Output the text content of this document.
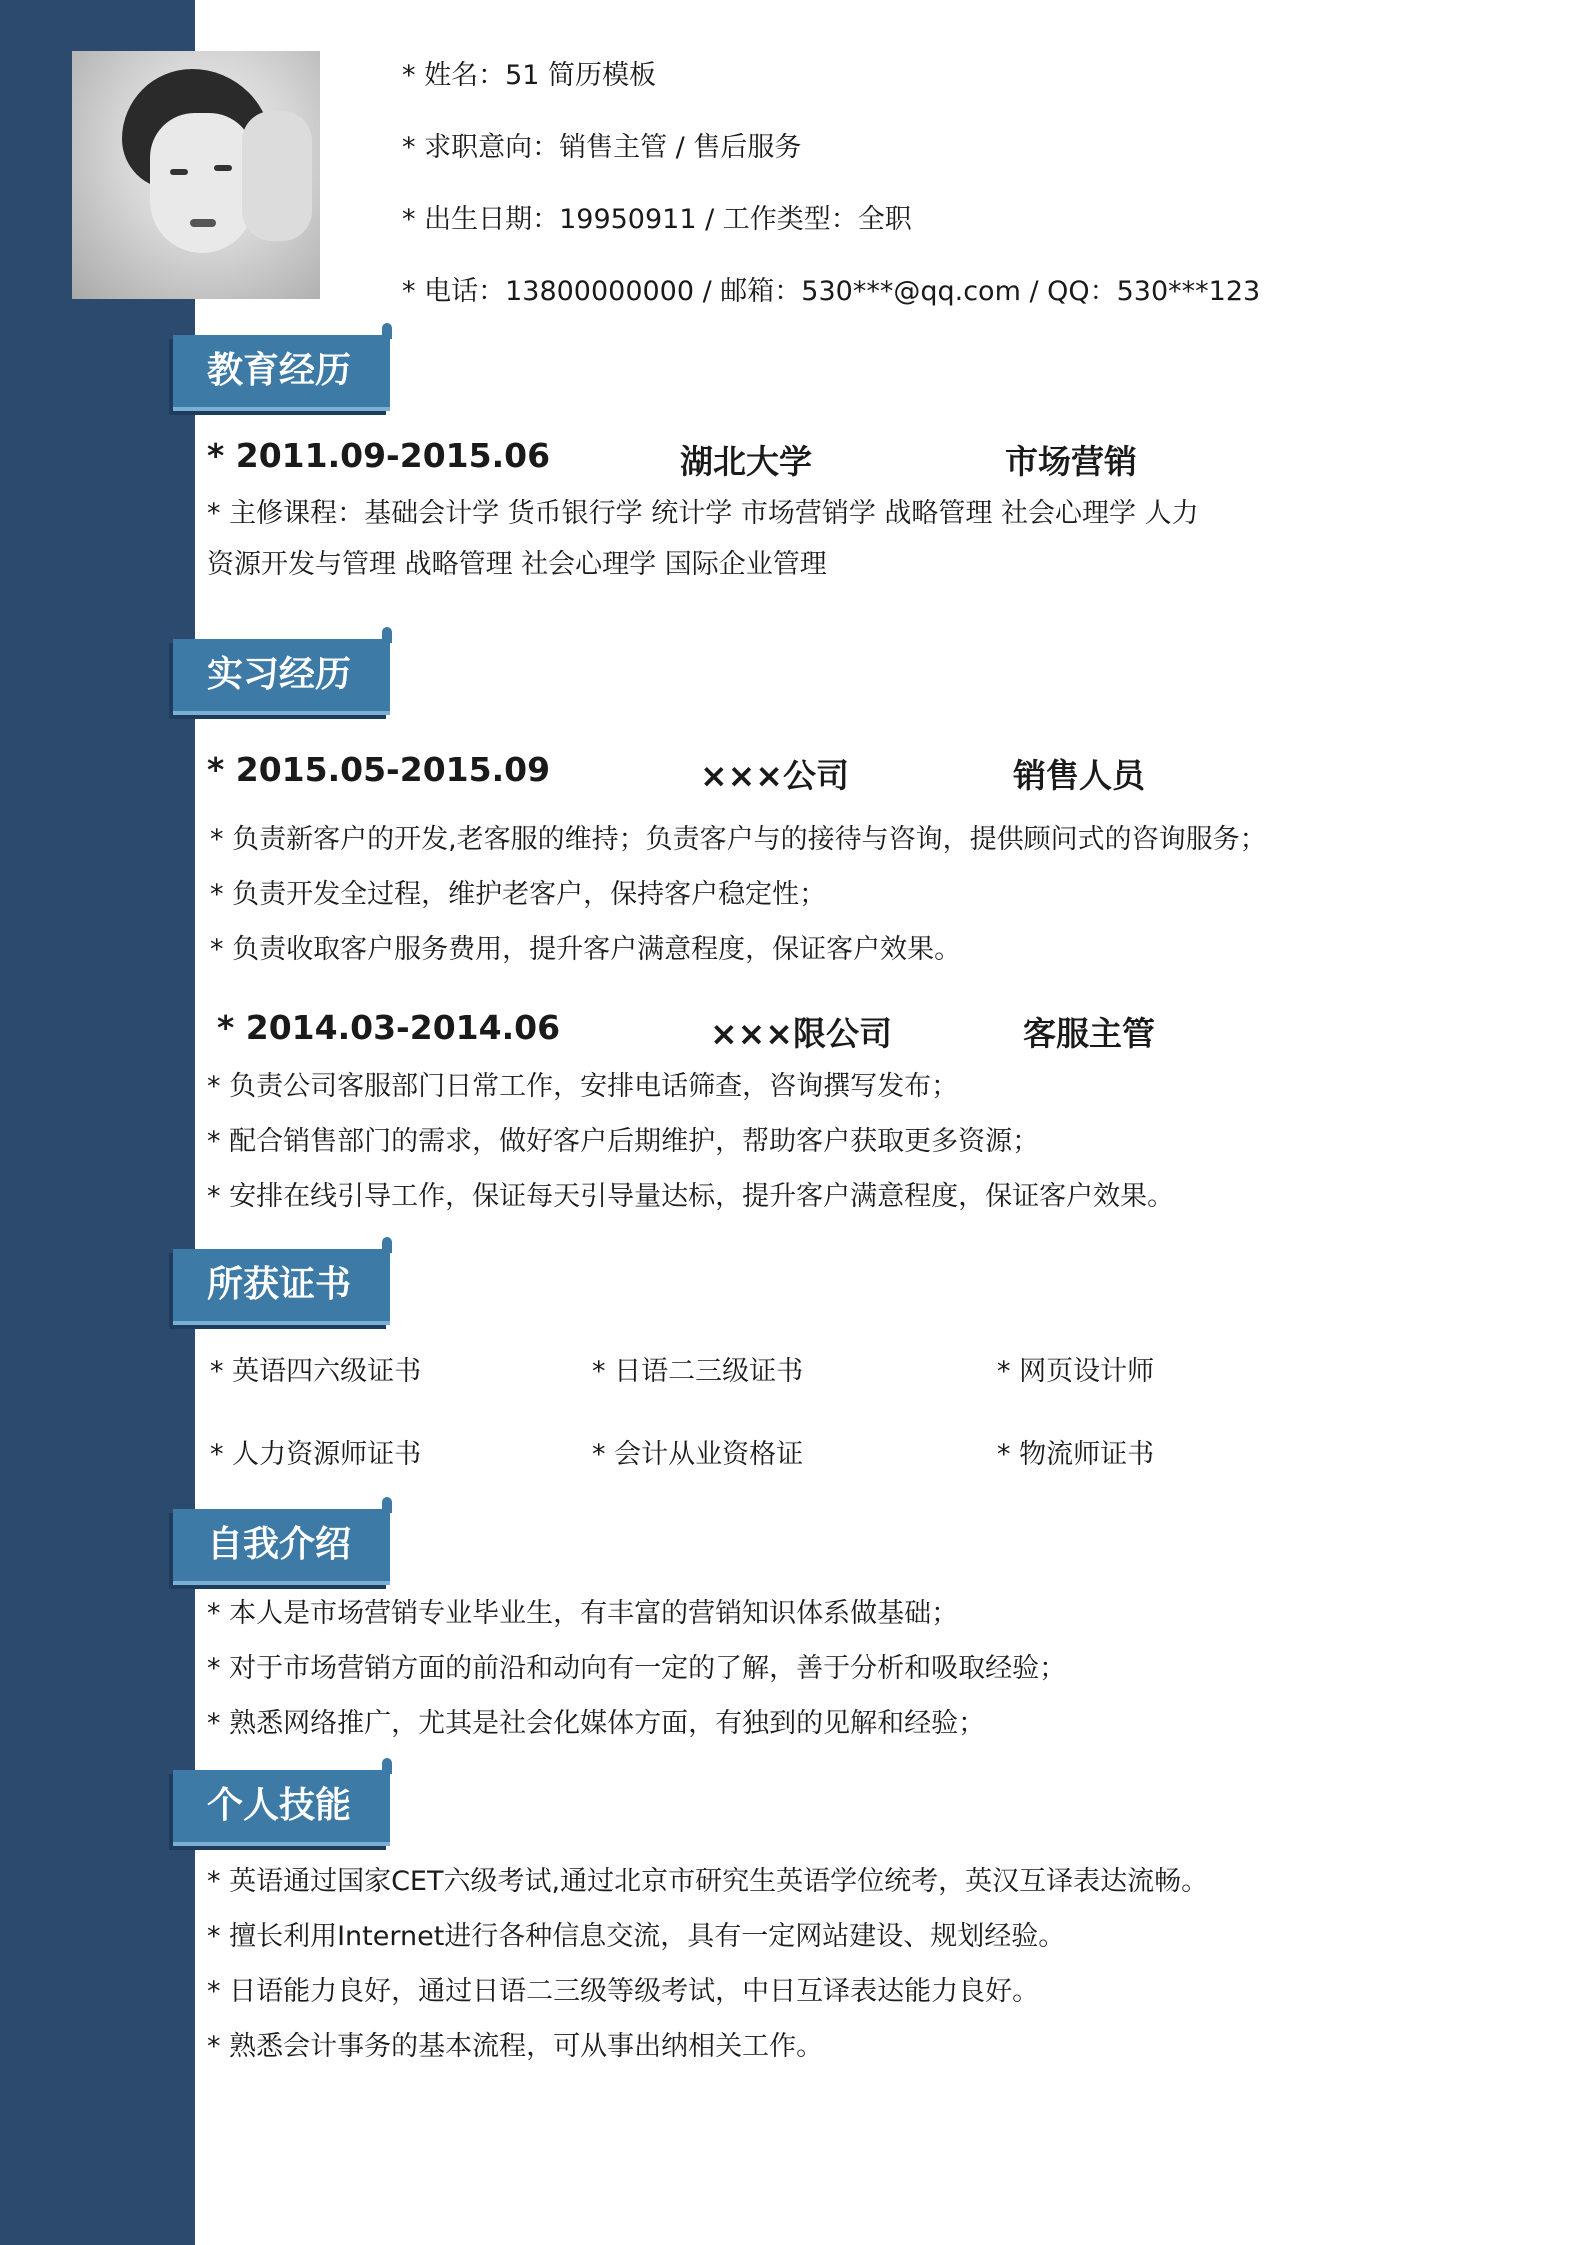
* 姓名：51 简历模板
* 求职意向：销售主管 / 售后服务
* 出生日期：19950911 / 工作类型：全职
* 电话：13800000000 / 邮箱：530***@qq.com / QQ：530***123
教育经历
* 2011.09-2015.06	湖北大学	市场营销
* 主修课程：基础会计学 货币银行学 统计学 市场营销学 战略管理 社会心理学 人力
资源开发与管理 战略管理 社会心理学 国际企业管理
实习经历
* 2015.05-2015.09	×××公司	销售人员
* 负责新客户的开发,老客服的维持；负责客户与的接待与咨询，提供顾问式的咨询服务；
* 负责开发全过程，维护老客户，保持客户稳定性；
* 负责收取客户服务费用，提升客户满意程度，保证客户效果。
* 2014.03-2014.06	×××限公司	客服主管
* 负责公司客服部门日常工作，安排电话筛查，咨询撰写发布；
* 配合销售部门的需求，做好客户后期维护，帮助客户获取更多资源；
* 安排在线引导工作，保证每天引导量达标，提升客户满意程度，保证客户效果。
所获证书
* 英语四六级证书	* 日语二三级证书	* 网页设计师
* 人力资源师证书	* 会计从业资格证	* 物流师证书
自我介绍
* 本人是市场营销专业毕业生，有丰富的营销知识体系做基础；
* 对于市场营销方面的前沿和动向有一定的了解，善于分析和吸取经验；
* 熟悉网络推广，尤其是社会化媒体方面，有独到的见解和经验；
个人技能
* 英语通过国家CET六级考试,通过北京市研究生英语学位统考，英汉互译表达流畅。
* 擅长利用Internet进行各种信息交流，具有一定网站建设、规划经验。
* 日语能力良好，通过日语二三级等级考试，中日互译表达能力良好。
* 熟悉会计事务的基本流程，可从事出纳相关工作。
